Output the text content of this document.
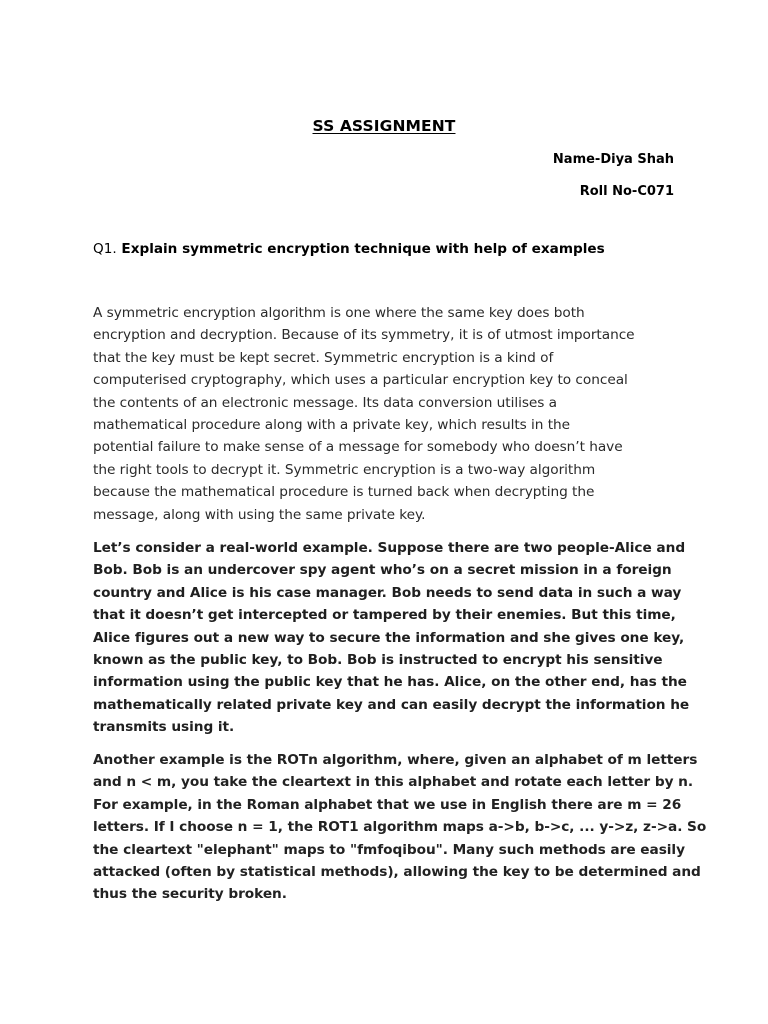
SS ASSIGNMENT
Name-Diya Shah
Roll No-C071
Q1. Explain symmetric encryption technique with help of examples
A symmetric encryption algorithm is one where the same key does both
encryption and decryption. Because of its symmetry, it is of utmost importance
that the key must be kept secret. Symmetric encryption is a kind of
computerised cryptography, which uses a particular encryption key to conceal
the contents of an electronic message. Its data conversion utilises a
mathematical procedure along with a private key, which results in the
potential failure to make sense of a message for somebody who doesn’t have
the right tools to decrypt it. Symmetric encryption is a two-way algorithm
because the mathematical procedure is turned back when decrypting the
message, along with using the same private key.
Let’s consider a real-world example. Suppose there are two people-Alice and
Bob. Bob is an undercover spy agent who’s on a secret mission in a foreign
country and Alice is his case manager. Bob needs to send data in such a way
that it doesn’t get intercepted or tampered by their enemies. But this time,
Alice figures out a new way to secure the information and she gives one key,
known as the public key, to Bob. Bob is instructed to encrypt his sensitive
information using the public key that he has. Alice, on the other end, has the
mathematically related private key and can easily decrypt the information he
transmits using it.
Another example is the ROTn algorithm, where, given an alphabet of m letters
and n < m, you take the cleartext in this alphabet and rotate each letter by n.
For example, in the Roman alphabet that we use in English there are m = 26
letters. If I choose n = 1, the ROT1 algorithm maps a->b, b->c, ... y->z, z->a. So
the cleartext "elephant" maps to "fmfoqibou". Many such methods are easily
attacked (often by statistical methods), allowing the key to be determined and
thus the security broken.
